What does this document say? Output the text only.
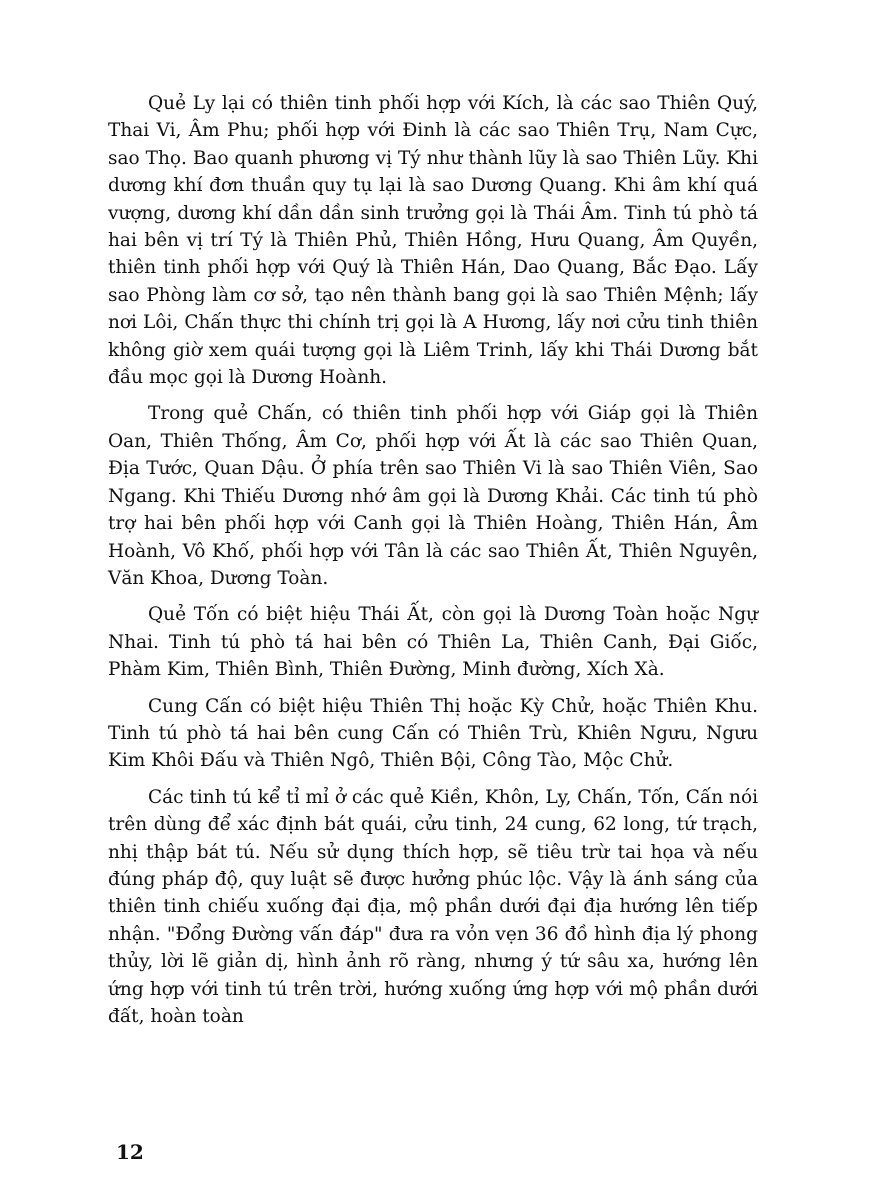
Quẻ Ly lại có thiên tinh phối hợp với Kích, là các sao Thiên Quý, Thai Vi, Âm Phu; phối hợp với Đinh là các sao Thiên Trụ, Nam Cực, sao Thọ. Bao quanh phương vị Tý như thành lũy là sao Thiên Lũy. Khi dương khí đơn thuần quy tụ lại là sao Dương Quang. Khi âm khí quá vượng, dương khí dần dần sinh trưởng gọi là Thái Âm. Tinh tú phò tá hai bên vị trí Tý là Thiên Phủ, Thiên Hồng, Hưu Quang, Âm Quyền, thiên tinh phối hợp với Quý là Thiên Hán, Dao Quang, Bắc Đạo. Lấy sao Phòng làm cơ sở, tạo nên thành bang gọi là sao Thiên Mệnh; lấy nơi Lôi, Chấn thực thi chính trị gọi là A Hương, lấy nơi cửu tinh thiên không giờ xem quái tượng gọi là Liêm Trinh, lấy khi Thái Dương bắt đầu mọc gọi là Dương Hoành.

Trong quẻ Chấn, có thiên tinh phối hợp với Giáp gọi là Thiên Oan, Thiên Thống, Âm Cơ, phối hợp với Ất là các sao Thiên Quan, Địa Tước, Quan Dậu. Ở phía trên sao Thiên Vi là sao Thiên Viên, Sao Ngang. Khi Thiếu Dương nhớ âm gọi là Dương Khải. Các tinh tú phò trợ hai bên phối hợp với Canh gọi là Thiên Hoàng, Thiên Hán, Âm Hoành, Vô Khố, phối hợp với Tân là các sao Thiên Ất, Thiên Nguyên, Văn Khoa, Dương Toàn.

Quẻ Tốn có biệt hiệu Thái Ất, còn gọi là Dương Toàn hoặc Ngự Nhai. Tinh tú phò tá hai bên có Thiên La, Thiên Canh, Đại Giốc, Phàm Kim, Thiên Bình, Thiên Đường, Minh đường, Xích Xà.

Cung Cấn có biệt hiệu Thiên Thị hoặc Kỳ Chử, hoặc Thiên Khu. Tinh tú phò tá hai bên cung Cấn có Thiên Trù, Khiên Ngưu, Ngưu Kim Khôi Đấu và Thiên Ngô, Thiên Bội, Công Tào, Mộc Chử.

Các tinh tú kể tỉ mỉ ở các quẻ Kiền, Khôn, Ly, Chấn, Tốn, Cấn nói trên dùng để xác định bát quái, cửu tinh, 24 cung, 62 long, tứ trạch, nhị thập bát tú. Nếu sử dụng thích hợp, sẽ tiêu trừ tai họa và nếu đúng pháp độ, quy luật sẽ được hưởng phúc lộc. Vậy là ánh sáng của thiên tinh chiếu xuống đại địa, mộ phần dưới đại địa hướng lên tiếp nhận. "Đổng Đường vấn đáp" đưa ra vỏn vẹn 36 đồ hình địa lý phong thủy, lời lẽ giản dị, hình ảnh rõ ràng, nhưng ý tứ sâu xa, hướng lên ứng hợp với tinh tú trên trời, hướng xuống ứng hợp với mộ phần dưới đất, hoàn toàn

12
